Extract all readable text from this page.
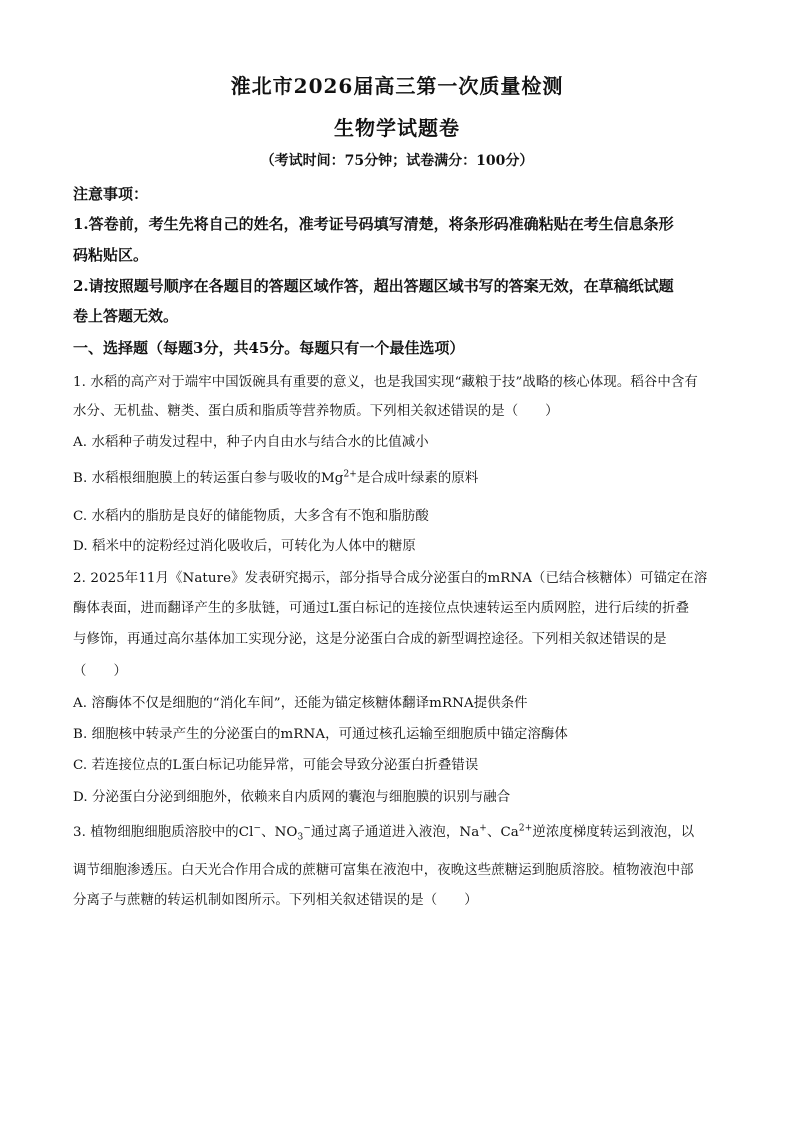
淮北市2026届高三第一次质量检测
生物学试题卷
（考试时间：75分钟；试卷满分：100分）
注意事项：
1.答卷前，考生先将自己的姓名，准考证号码填写清楚，将条形码准确粘贴在考生信息条形
码粘贴区。
2.请按照题号顺序在各题目的答题区域作答，超出答题区域书写的答案无效，在草稿纸试题
卷上答题无效。
一、选择题（每题3分，共45分。每题只有一个最佳选项）
1. 水稻的高产对于端牢中国饭碗具有重要的意义，也是我国实现“藏粮于技”战略的核心体现。稻谷中含有
水分、无机盐、糖类、蛋白质和脂质等营养物质。下列相关叙述错误的是（　　）
A. 水稻种子萌发过程中，种子内自由水与结合水的比值减小
B. 水稻根细胞膜上的转运蛋白参与吸收的$Mg^{2+}$是合成叶绿素的原料
C. 水稻内的脂肪是良好的储能物质，大多含有不饱和脂肪酸
D. 稻米中的淀粉经过消化吸收后，可转化为人体中的糖原
2. 2025年11月《Nature》发表研究揭示，部分指导合成分泌蛋白的mRNA（已结合核糖体）可锚定在溶
酶体表面，进而翻译产生的多肽链，可通过L蛋白标记的连接位点快速转运至内质网腔，进行后续的折叠
与修饰，再通过高尔基体加工实现分泌，这是分泌蛋白合成的新型调控途径。下列相关叙述错误的是
（　　）
A. 溶酶体不仅是细胞的“消化车间”，还能为锚定核糖体翻译mRNA提供条件
B. 细胞核中转录产生的分泌蛋白的mRNA，可通过核孔运输至细胞质中锚定溶酶体
C. 若连接位点的L蛋白标记功能异常，可能会导致分泌蛋白折叠错误
D. 分泌蛋白分泌到细胞外，依赖来自内质网的囊泡与细胞膜的识别与融合
3. 植物细胞细胞质溶胶中的Cl−、$NO_3^-$通过离子通道进入液泡，Na+、$Ca^{2+}$逆浓度梯度转运到液泡，以
调节细胞渗透压。白天光合作用合成的蔗糖可富集在液泡中，夜晚这些蔗糖运到胞质溶胶。植物液泡中部
分离子与蔗糖的转运机制如图所示。下列相关叙述错误的是（　　）
